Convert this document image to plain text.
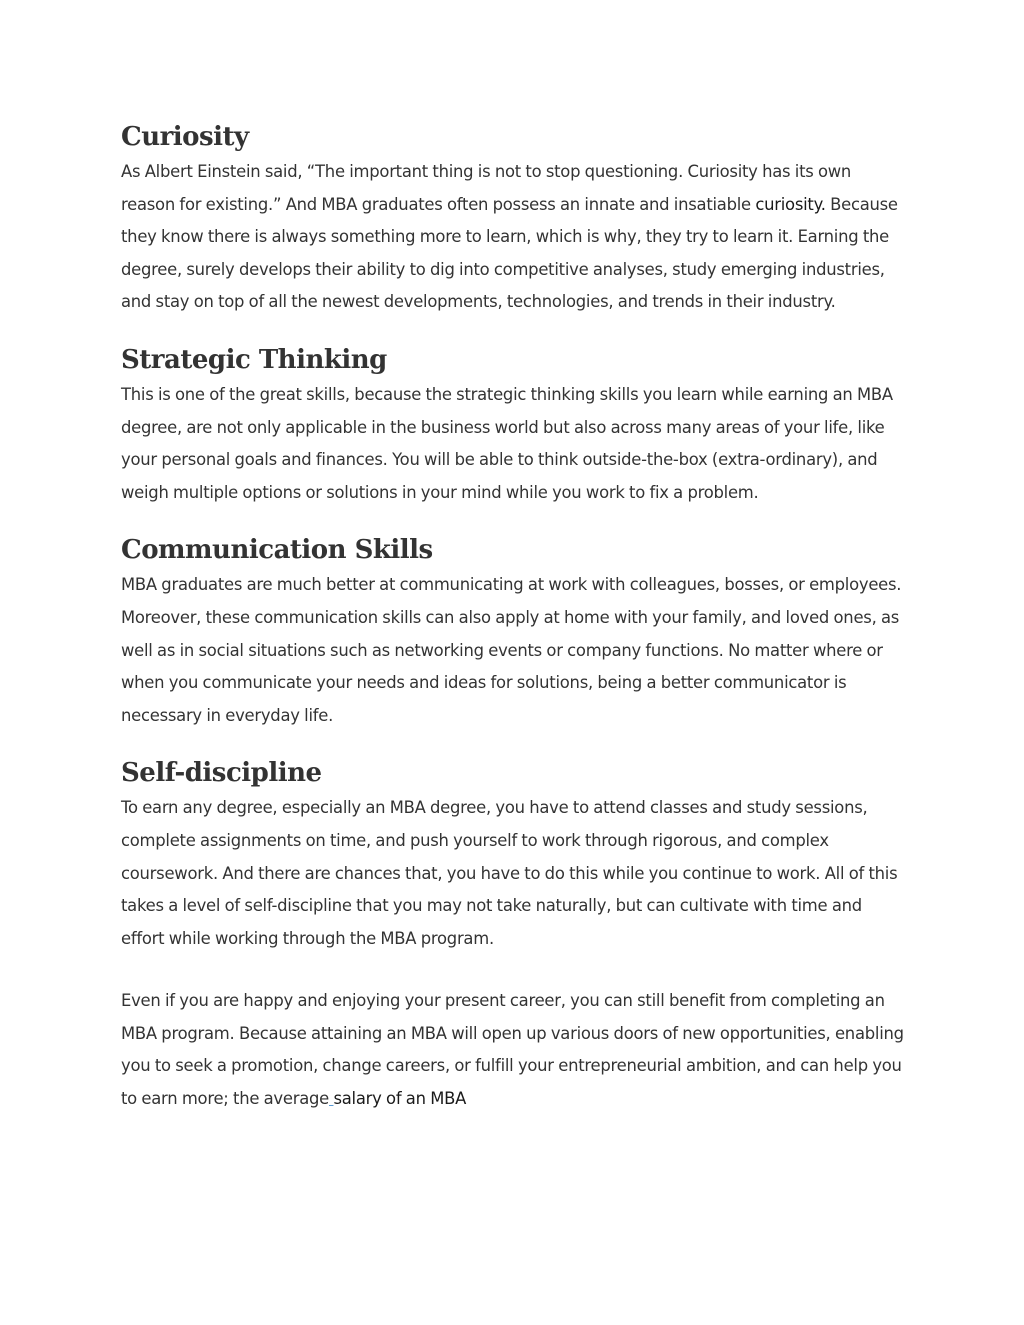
Curiosity

As Albert Einstein said, “The important thing is not to stop questioning. Curiosity has its own reason for existing.” And MBA graduates often possess an innate and insatiable curiosity. Because they know there is always something more to learn, which is why, they try to learn it. Earning the degree, surely develops their ability to dig into competitive analyses, study emerging industries, and stay on top of all the newest developments, technologies, and trends in their industry.

Strategic Thinking

This is one of the great skills, because the strategic thinking skills you learn while earning an MBA degree, are not only applicable in the business world but also across many areas of your life, like your personal goals and finances. You will be able to think outside-the-box (extra-ordinary), and weigh multiple options or solutions in your mind while you work to fix a problem.

Communication Skills

MBA graduates are much better at communicating at work with colleagues, bosses, or employees. Moreover, these communication skills can also apply at home with your family, and loved ones, as well as in social situations such as networking events or company functions. No matter where or when you communicate your needs and ideas for solutions, being a better communicator is necessary in everyday life.

Self-discipline

To earn any degree, especially an MBA degree, you have to attend classes and study sessions, complete assignments on time, and push yourself to work through rigorous, and complex coursework. And there are chances that, you have to do this while you continue to work. All of this takes a level of self-discipline that you may not take naturally, but can cultivate with time and effort while working through the MBA program.

Even if you are happy and enjoying your present career, you can still benefit from completing an MBA program. Because attaining an MBA will open up various doors of new opportunities, enabling you to seek a promotion, change careers, or fulfill your entrepreneurial ambition, and can help you to earn more; the average salary of an MBA
